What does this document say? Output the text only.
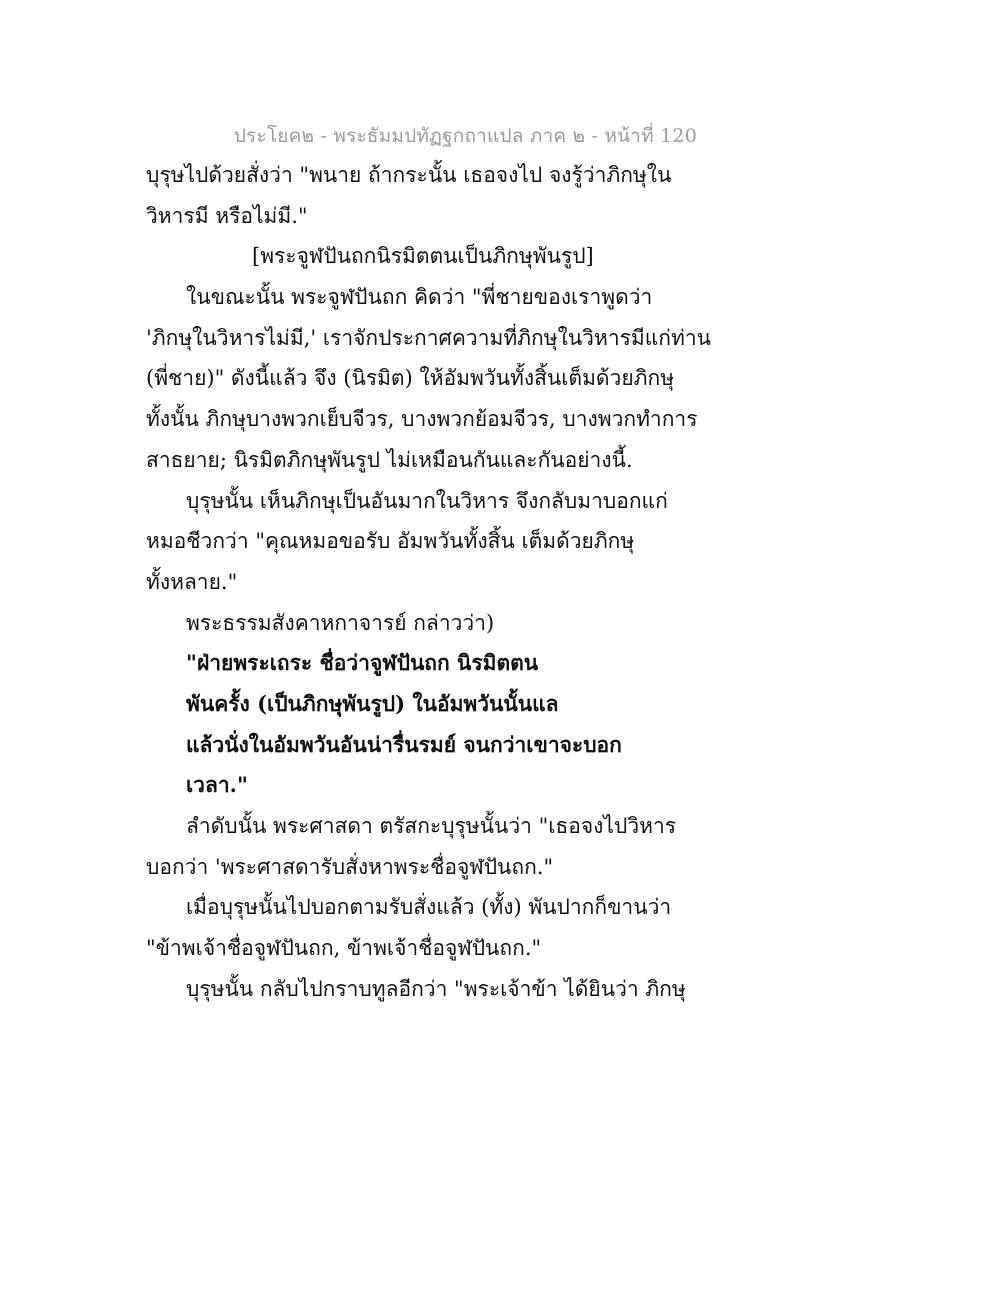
ประโยค๒ - พระธัมมปทัฏฐกถาแปล ภาค ๒ - หน้าที่ 120
บุรุษไปด้วยสั่งว่า "พนาย ถ้ากระนั้น เธอจงไป จงรู้ว่าภิกษุใน
วิหารมี หรือไม่มี."
[พระจูฬปันถกนิรมิตตนเป็นภิกษุพันรูป]
ในขณะนั้น พระจูฬปันถก คิดว่า "พี่ชายของเราพูดว่า
'ภิกษุในวิหารไม่มี,' เราจักประกาศความที่ภิกษุในวิหารมีแก่ท่าน
(พี่ชาย)" ดังนี้แล้ว จึง (นิรมิต) ให้อัมพวันทั้งสิ้นเต็มด้วยภิกษุ
ทั้งนั้น ภิกษุบางพวกเย็บจีวร, บางพวกย้อมจีวร, บางพวกทำการ
สาธยาย; นิรมิตภิกษุพันรูป ไม่เหมือนกันและกันอย่างนี้.
บุรุษนั้น เห็นภิกษุเป็นอันมากในวิหาร จึงกลับมาบอกแก่
หมอชีวกว่า "คุณหมอขอรับ อัมพวันทั้งสิ้น เต็มด้วยภิกษุ
ทั้งหลาย."
พระธรรมสังคาหกาจารย์ กล่าวว่า)
"ฝ่ายพระเถระ ชื่อว่าจูฬปันถก นิรมิตตน
พันครั้ง (เป็นภิกษุพันรูป) ในอัมพวันนั้นแล
แล้วนั่งในอัมพวันอันน่ารื่นรมย์ จนกว่าเขาจะบอก
เวลา."
ลำดับนั้น พระศาสดา ตรัสกะบุรุษนั้นว่า "เธอจงไปวิหาร
บอกว่า 'พระศาสดารับสั่งหาพระชื่อจูฬปันถก."
เมื่อบุรุษนั้นไปบอกตามรับสั่งแล้ว (ทั้ง) พันปากก็ขานว่า
"ข้าพเจ้าชื่อจูฬปันถก, ข้าพเจ้าชื่อจูฬปันถก."
บุรุษนั้น กลับไปกราบทูลอีกว่า "พระเจ้าข้า ได้ยินว่า ภิกษุ
